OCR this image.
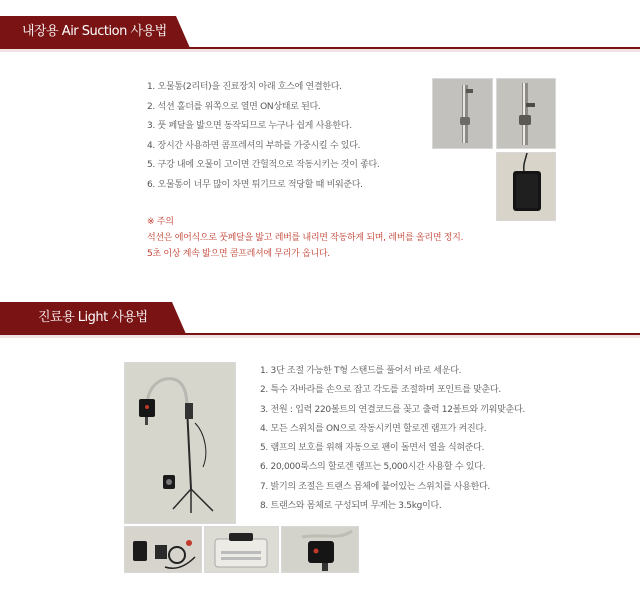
내장용 Air Suction 사용법
1. 오물통(2리터)을 진료장치 아래 호스에 연결한다.
2. 석션 홀더를 위쪽으로 열면 ON상태로 된다.
3. 풋 페달을 밟으면 동작되므로 누구나 쉽게 사용한다.
4. 장시간 사용하면 콤프레셔의 부하를 가중시킬 수 있다.
5. 구강 내에 오물이 고이면 간헐적으로 작동시키는 것이 좋다.
6. 오물통이 너무 많이 차면 튀기므로 적당할 때 비워준다.
※ 주의
석션은 에어식으로 풋페달을 밟고 레버를 내리면 작동하게 되며, 레버를 올리면 정지.
5초 이상 계속 밟으면 콤프레셔에 무리가 옵니다.
진료용 Light 사용법
1. 3단 조절 가능한 T형 스탠드를 풀어서 바로 세운다.
2. 특수 자바라를 손으로 잡고 각도를 조절하며 포인트를 맞춘다.
3. 전원 : 입력 220볼트의 연결코드를 꽂고 출력 12볼트와 끼워맞춘다.
4. 모든 스위치를 ON으로 작동시키면 할로겐 램프가 켜진다.
5. 램프의 보호를 위해 자동으로 팬이 돌면서 열을 식혀준다.
6. 20,000룩스의 할로겐 램프는 5,000시간 사용할 수 있다.
7. 밝기의 조절은 트랜스 몸체에 붙어있는 스위치를 사용한다.
8. 트랜스와 몸체로 구성되며 무게는 3.5kg이다.
